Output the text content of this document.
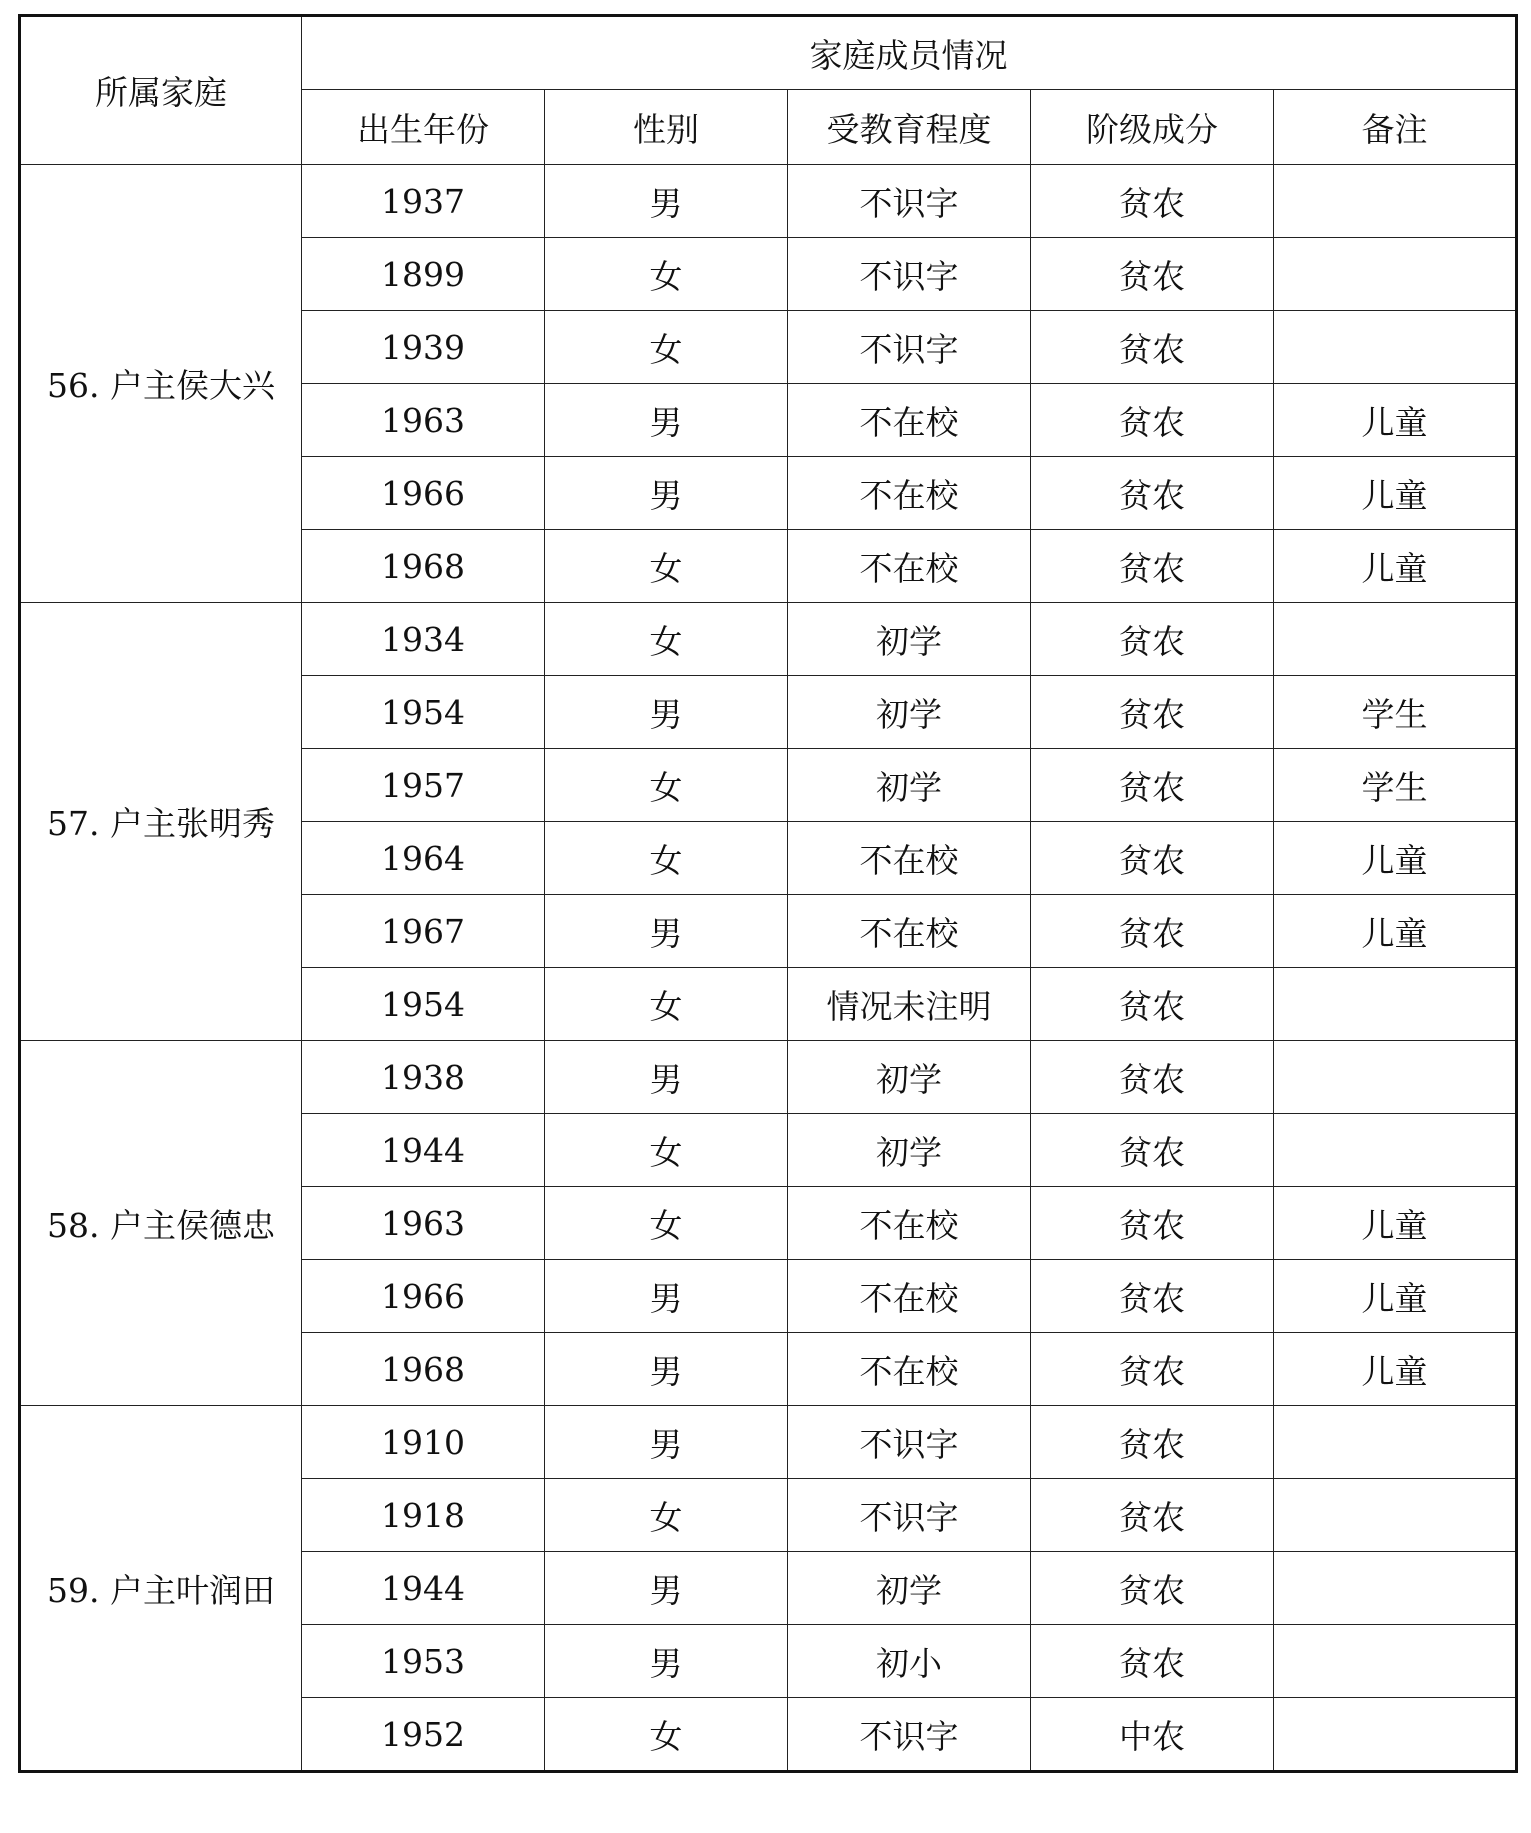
所属家庭	家庭成员情况				
	出生年份	性别	受教育程度	阶级成分	备注
56. 户主侯大兴	1937	男	不识字	贫农	
	1899	女	不识字	贫农	
	1939	女	不识字	贫农	
	1963	男	不在校	贫农	儿童
	1966	男	不在校	贫农	儿童
	1968	女	不在校	贫农	儿童
57. 户主张明秀	1934	女	初学	贫农	
	1954	男	初学	贫农	学生
	1957	女	初学	贫农	学生
	1964	女	不在校	贫农	儿童
	1967	男	不在校	贫农	儿童
	1954	女	情况未注明	贫农	
58. 户主侯德忠	1938	男	初学	贫农	
	1944	女	初学	贫农	
	1963	女	不在校	贫农	儿童
	1966	男	不在校	贫农	儿童
	1968	男	不在校	贫农	儿童
59. 户主叶润田	1910	男	不识字	贫农	
	1918	女	不识字	贫农	
	1944	男	初学	贫农	
	1953	男	初小	贫农	
	1952	女	不识字	中农	
